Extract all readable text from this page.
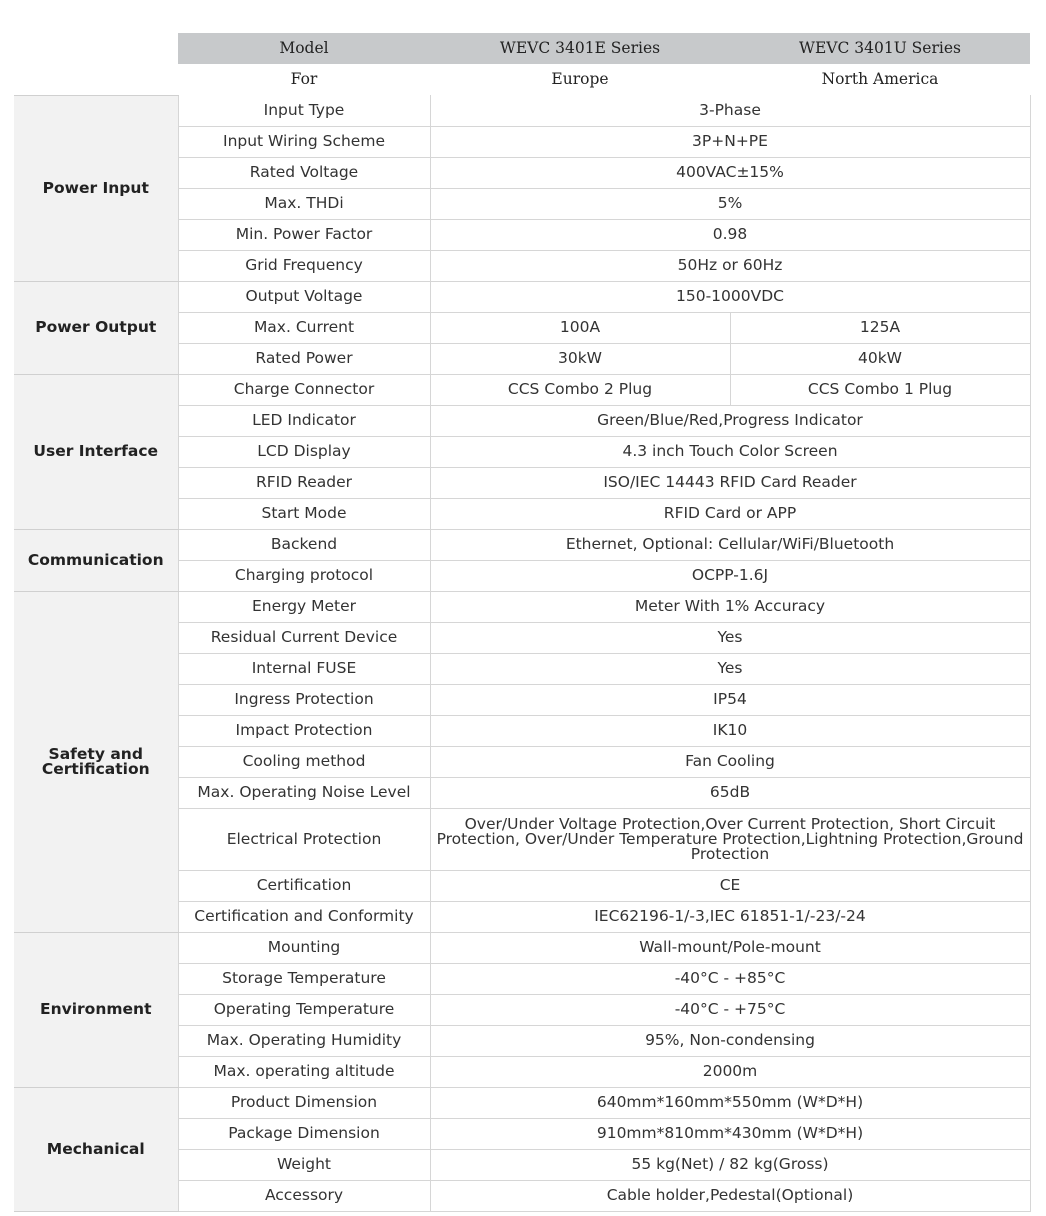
	Model	WEVC 3401E Series	WEVC 3401U Series
	For	Europe	North America
Power Input	Input Type	3-Phase	
	Input Wiring Scheme	3P+N+PE	
	Rated Voltage	400VAC±15%	
	Max. THDi	5%	
	Min. Power Factor	0.98	
	Grid Frequency	50Hz or 60Hz	
Power Output	Output Voltage	150-1000VDC	
	Max. Current	100A	125A
	Rated Power	30kW	40kW
User Interface	Charge Connector	CCS Combo 2 Plug	CCS Combo 1 Plug
	LED Indicator	Green/Blue/Red,Progress Indicator	
	LCD Display	4.3 inch Touch Color Screen	
	RFID Reader	ISO/IEC 14443 RFID Card Reader	
	Start Mode	RFID Card or APP	
Communication	Backend	Ethernet, Optional: Cellular/WiFi/Bluetooth	
	Charging protocol	OCPP-1.6J	
Safety and Certification	Energy Meter	Meter With 1% Accuracy	
	Residual Current Device	Yes	
	Internal FUSE	Yes	
	Ingress Protection	IP54	
	Impact Protection	IK10	
	Cooling method	Fan Cooling	
	Max. Operating Noise Level	65dB	
	Electrical Protection	Over/Under Voltage Protection,Over Current Protection, Short Circuit Protection, Over/Under Temperature Protection,Lightning Protection,Ground Protection	
	Certification	CE	
	Certification and Conformity	IEC62196-1/-3,IEC 61851-1/-23/-24	
Environment	Mounting	Wall-mount/Pole-mount	
	Storage Temperature	-40°C - +85°C	
	Operating Temperature	-40°C - +75°C	
	Max. Operating Humidity	95%, Non-condensing	
	Max. operating altitude	2000m	
Mechanical	Product Dimension	640mm*160mm*550mm (W*D*H)	
	Package Dimension	910mm*810mm*430mm (W*D*H)	
	Weight	55 kg(Net) / 82 kg(Gross)	
	Accessory	Cable holder,Pedestal(Optional)	
